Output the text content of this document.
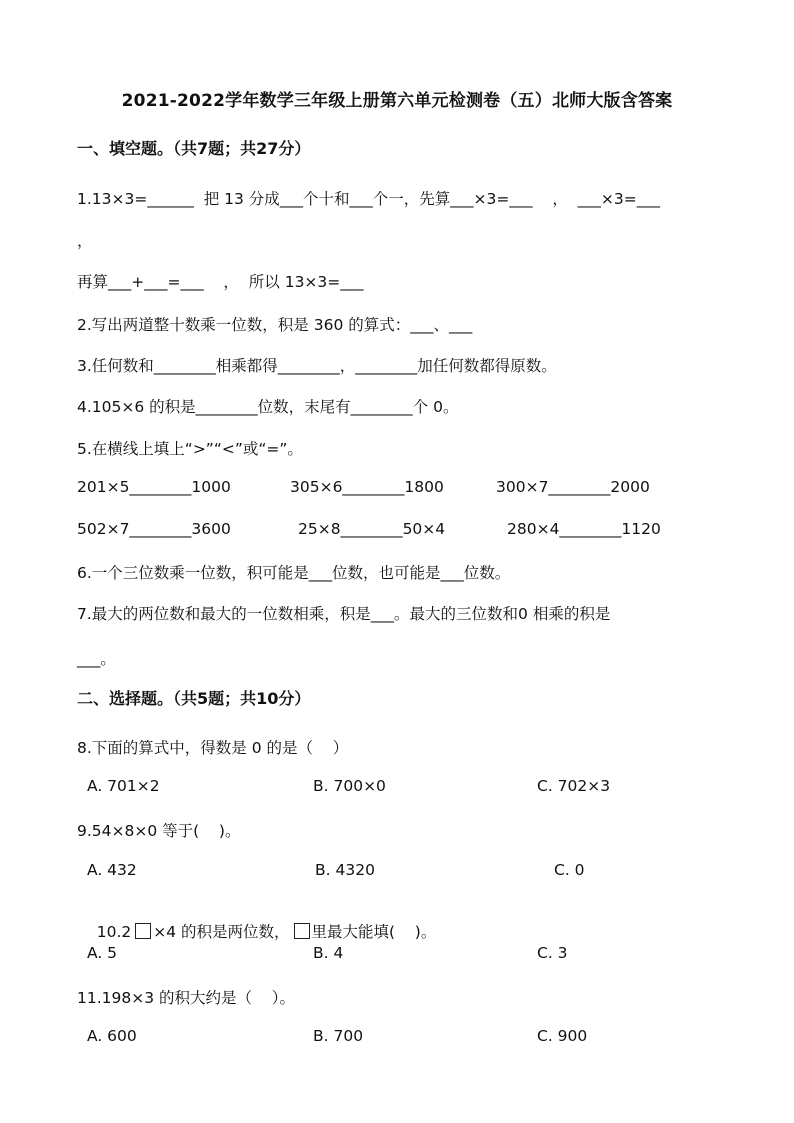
2021-2022学年数学三年级上册第六单元检测卷（五）北师大版含答案
一、填空题。（共7题；共27分）
1.13×3=______  把 13 分成___个十和___个一，先算___×3=___    ，  ___×3=___
，
再算___+___=___    ，  所以 13×3=___
2.写出两道整十数乘一位数，积是 360 的算式：___、___
3.任何数和________相乘都得________，________加任何数都得原数。
4.105×6 的积是________位数，末尾有________个 0。
5.在横线上填上“>”“<”或“=”。
201×5________1000	305×6________1800	300×7________2000
502×7________3600	25×8________50×4	280×4________1120
6.一个三位数乘一位数，积可能是___位数，也可能是___位数。
7.最大的两位数和最大的一位数相乘，积是___。最大的三位数和0 相乘的积是
___。
二、选择题。（共5题；共10分）
8.下面的算式中，得数是 0 的是（    ）
A. 701×2	B. 700×0	C. 702×3
9.54×8×0 等于(    )。
A. 432	B. 4320	C. 0

10.2 ×4 的积是两位数， 里最大能填(    )。

A. 5	B. 4	C. 3
11.198×3 的积大约是（    ）。
A. 600	B. 700	C. 900
